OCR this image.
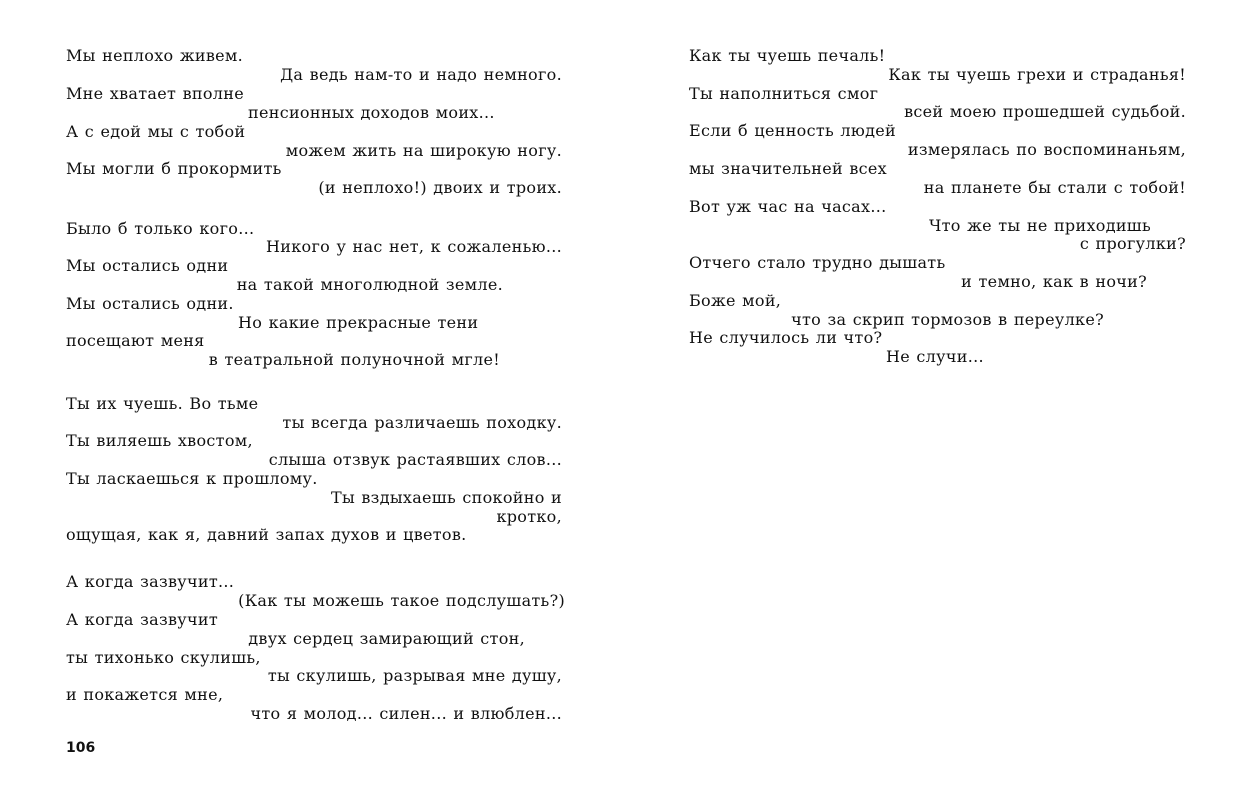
Мы неплохо живем.
Да ведь нам-то и надо немного.
Мне хватает вполне
пенсионных доходов моих...
А с едой мы с тобой
можем жить на широкую ногу.
Мы могли б прокормить
(и неплохо!) двоих и троих.
Было б только кого...
Никого у нас нет, к сожаленью...
Мы остались одни
на такой многолюдной земле.
Мы остались одни.
Но какие прекрасные тени
посещают меня
в театральной полуночной мгле!
Ты их чуешь. Во тьме
ты всегда различаешь походку.
Ты виляешь хвостом,
слыша отзвук растаявших слов...
Ты ласкаешься к прошлому.
Ты вздыхаешь спокойно и
кротко,
ощущая, как я, давний запах духов и цветов.
А когда зазвучит...
(Как ты можешь такое подслушать?)
А когда зазвучит
двух сердец замирающий стон,
ты тихонько скулишь,
ты скулишь, разрывая мне душу,
и покажется мне,
что я молод... силен... и влюблен...
106
Как ты чуешь печаль!
Как ты чуешь грехи и страданья!
Ты наполниться смог
всей моею прошедшей судьбой.
Если б ценность людей
измерялась по воспоминаньям,
мы значительней всех
на планете бы стали с тобой!
Вот уж час на часах...
Что же ты не приходишь
с прогулки?
Отчего стало трудно дышать
и темно, как в ночи?
Боже мой,
что за скрип тормозов в переулке?
Не случилось ли что?
Не случи...
